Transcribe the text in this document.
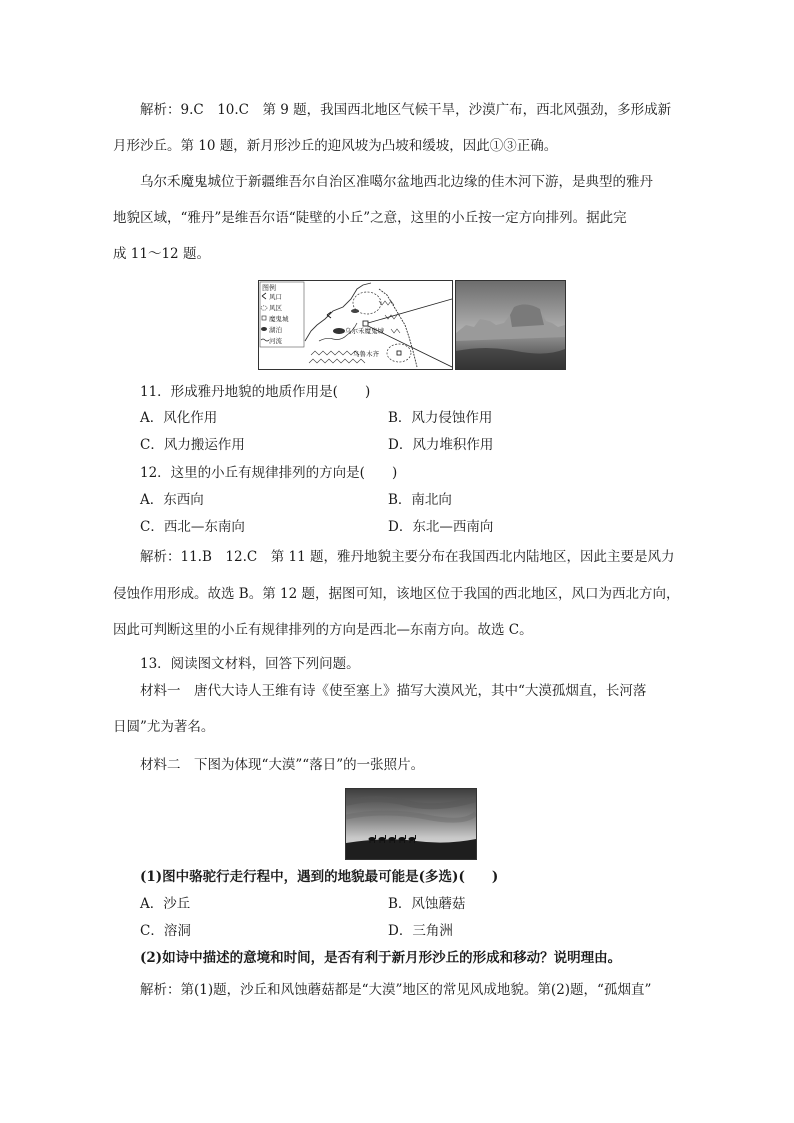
解析：9.C　10.C　第 9 题，我国西北地区气候干旱，沙漠广布，西北风强劲，多形成新
月形沙丘。第 10 题，新月形沙丘的迎风坡为凸坡和缓坡，因此①③正确。
乌尔禾魔鬼城位于新疆维吾尔自治区准噶尔盆地西北边缘的佳木河下游，是典型的雅丹
地貌区域，“雅丹”是维吾尔语“陡壁的小丘”之意，这里的小丘按一定方向排列。据此完
成 11～12 题。
图例
风口
风区
魔鬼城
湖泊
河流
乌尔禾魔鬼城
乌鲁木齐
11．形成雅丹地貌的地质作用是(　　)
A．风化作用	B．风力侵蚀作用
C．风力搬运作用	D．风力堆积作用
12．这里的小丘有规律排列的方向是(　　)
A．东西向	B．南北向
C．西北—东南向	D．东北—西南向
解析：11.B　12.C　第 11 题，雅丹地貌主要分布在我国西北内陆地区，因此主要是风力
侵蚀作用形成。故选 B。第 12 题，据图可知，该地区位于我国的西北地区，风口为西北方向，
因此可判断这里的小丘有规律排列的方向是西北—东南方向。故选 C。
13．阅读图文材料，回答下列问题。
材料一　唐代大诗人王维有诗《使至塞上》描写大漠风光，其中“大漠孤烟直，长河落
日圆”尤为著名。
材料二　下图为体现“大漠”“落日”的一张照片。
(1)图中骆驼行走行程中，遇到的地貌最可能是(多选)(　　)
A．沙丘	B．风蚀蘑菇
C．溶洞	D．三角洲
(2)如诗中描述的意境和时间，是否有利于新月形沙丘的形成和移动？说明理由。
解析：第(1)题，沙丘和风蚀蘑菇都是“大漠”地区的常见风成地貌。第(2)题，“孤烟直”
